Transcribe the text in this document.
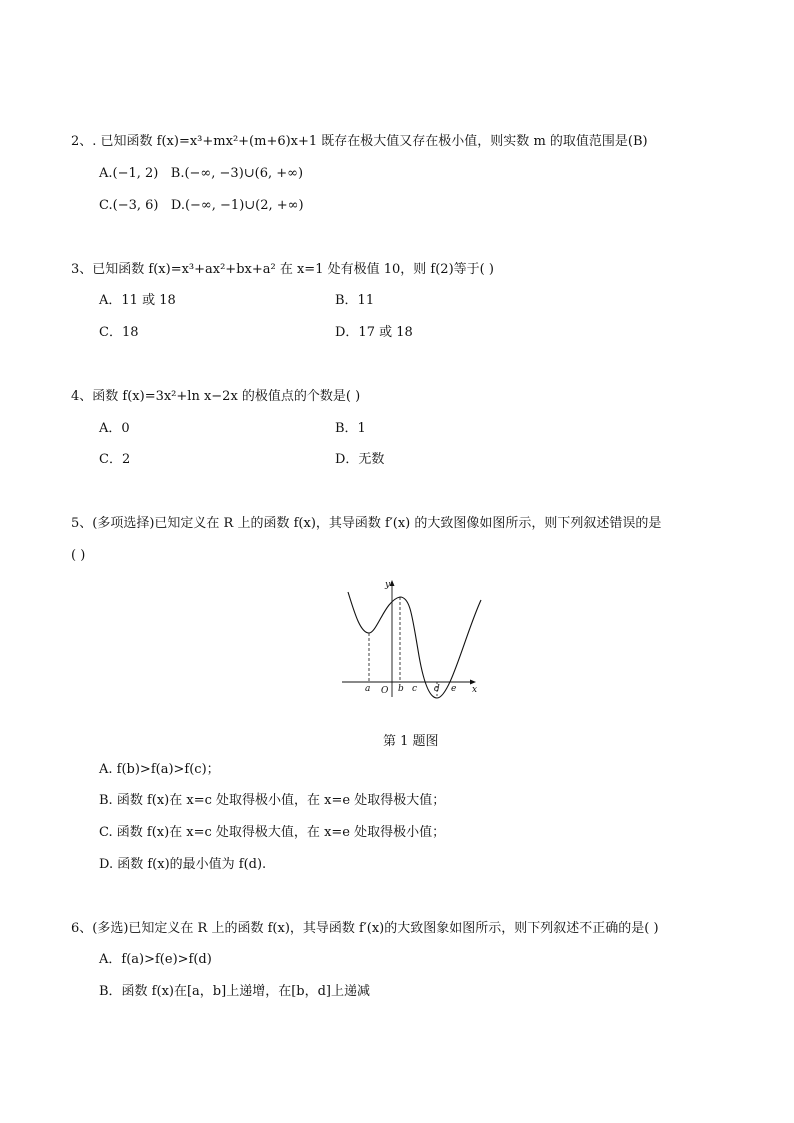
2、. 已知函数 f(x)=x³+mx²+(m+6)x+1 既存在极大值又存在极小值，则实数 m 的取值范围是(B)
A.(−1, 2) B.(−∞, −3)∪(6, +∞)
C.(−3, 6) D.(−∞, −1)∪(2, +∞)
3、已知函数 f(x)=x³+ax²+bx+a² 在 x=1 处有极值 10，则 f(2)等于( )
A．11 或 18	B．11
C．18	D．17 或 18
4、函数 f(x)=3x²+ln x−2x 的极值点的个数是( )
A．0	B．1
C．2	D．无数
5、(多项选择)已知定义在 R 上的函数 f(x)，其导函数 f′(x) 的大致图像如图所示，则下列叙述错误的是
( )
y
x
O
a	b c d e
第 1 题图
A. f(b)>f(a)>f(c)；
B. 函数 f(x)在 x=c 处取得极小值，在 x=e 处取得极大值；
C. 函数 f(x)在 x=c 处取得极大值，在 x=e 处取得极小值；
D. 函数 f(x)的最小值为 f(d).
6、(多选)已知定义在 R 上的函数 f(x)，其导函数 f′(x)的大致图象如图所示，则下列叙述不正确的是( )
A．f(a)>f(e)>f(d)
B．函数 f(x)在[a，b]上递增，在[b，d]上递减
